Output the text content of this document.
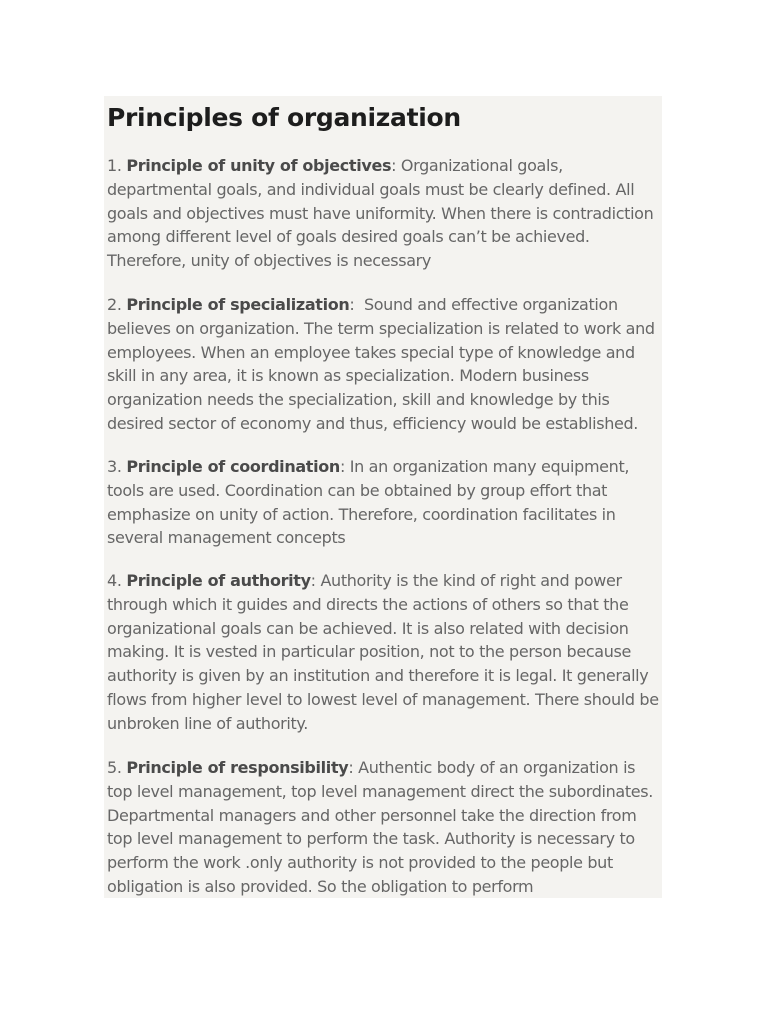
Principles of organization

1. Principle of unity of objectives: Organizational goals, departmental goals, and individual goals must be clearly defined. All goals and objectives must have uniformity. When there is contradiction among different level of goals desired goals can’t be achieved. Therefore, unity of objectives is necessary

2. Principle of specialization:  Sound and effective organization believes on organization. The term specialization is related to work and employees. When an employee takes special type of knowledge and skill in any area, it is known as specialization. Modern business organization needs the specialization, skill and knowledge by this desired sector of economy and thus, efficiency would be established.

3. Principle of coordination: In an organization many equipment, tools are used. Coordination can be obtained by group effort that emphasize on unity of action. Therefore, coordination facilitates in several management concepts

4. Principle of authority: Authority is the kind of right and power through which it guides and directs the actions of others so that the organizational goals can be achieved. It is also related with decision making. It is vested in particular position, not to the person because authority is given by an institution and therefore it is legal. It generally flows from higher level to lowest level of management. There should be unbroken line of authority.

5. Principle of responsibility: Authentic body of an organization is top level management, top level management direct the subordinates. Departmental managers and other personnel take the direction from top level management to perform the task. Authority is necessary to perform the work .only authority is not provided to the people but obligation is also provided. So the obligation to perform
